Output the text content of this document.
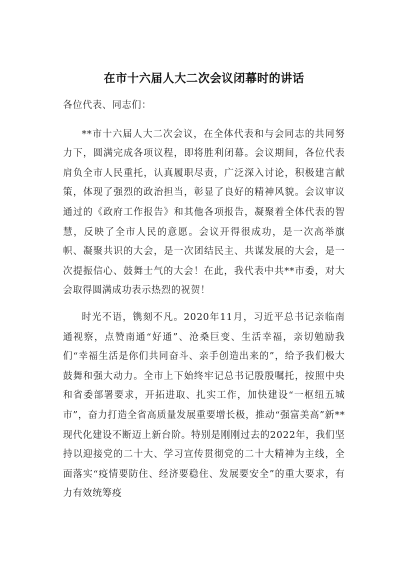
在市十六届人大二次会议闭幕时的讲话

各位代表、同志们：

**市十六届人大二次会议，在全体代表和与会同志的共同努力下，圆满完成各项议程，即将胜利闭幕。会议期间，各位代表肩负全市人民重托，认真履职尽责，广泛深入讨论，积极建言献策，体现了强烈的政治担当，彰显了良好的精神风貌。会议审议通过的《政府工作报告》和其他各项报告，凝聚着全体代表的智慧，反映了全市人民的意愿。会议开得很成功，是一次高举旗帜、凝聚共识的大会，是一次团结民主、共谋发展的大会，是一次提振信心、鼓舞士气的大会！在此，我代表中共**市委，对大会取得圆满成功表示热烈的祝贺！

时光不语，镌刻不凡。2020年11月，习近平总书记亲临南通视察，点赞南通“好通”、沧桑巨变、生活幸福，亲切勉励我们“幸福生活是你们共同奋斗、亲手创造出来的”，给予我们极大鼓舞和强大动力。全市上下始终牢记总书记殷殷嘱托，按照中央和省委部署要求，开拓进取、扎实工作，加快建设“一枢纽五城市”，奋力打造全省高质量发展重要增长极，推动“强富美高”新**现代化建设不断迈上新台阶。特别是刚刚过去的2022年，我们坚持以迎接党的二十大、学习宣传贯彻党的二十大精神为主线，全面落实“疫情要防住、经济要稳住、发展要安全”的重大要求，有力有效统筹疫
